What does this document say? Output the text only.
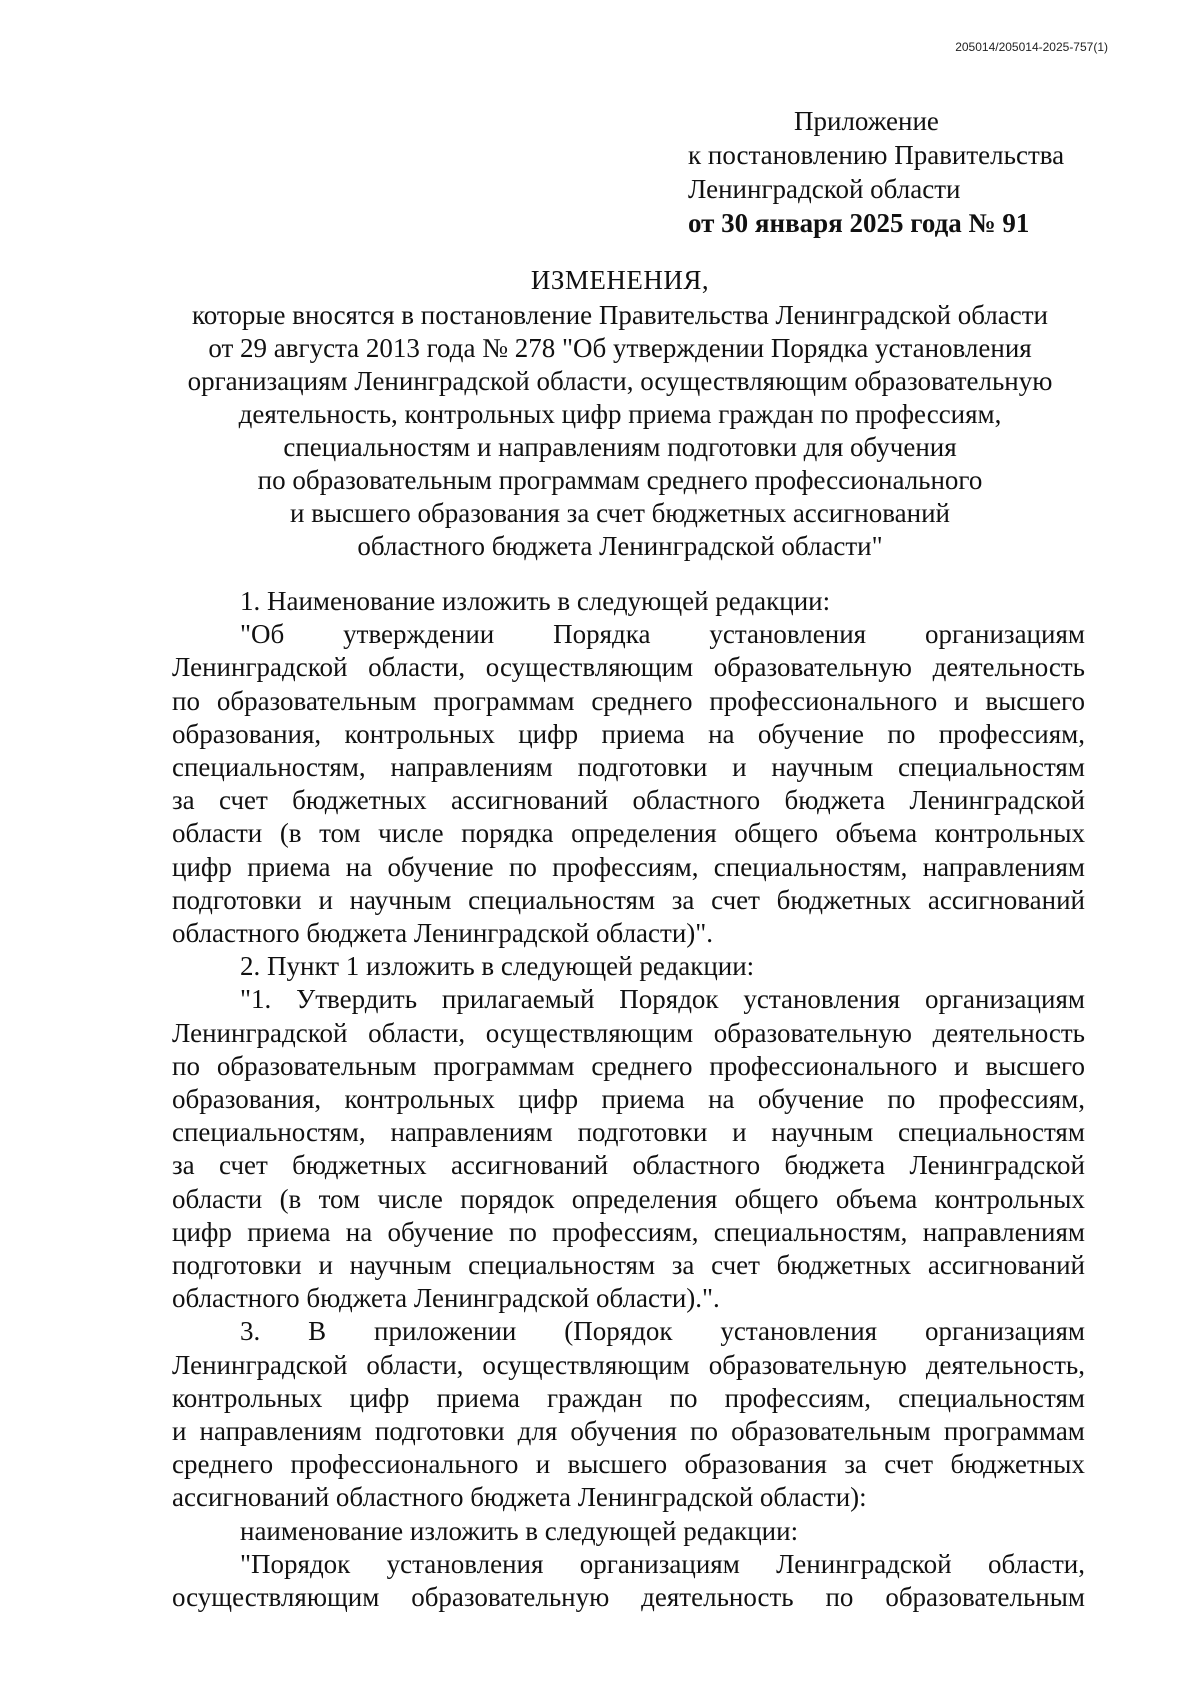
205014/205014-2025-757(1)
Приложение
к постановлению Правительства
Ленинградской области
от 30 января 2025 года № 91
ИЗМЕНЕНИЯ,
которые вносятся в постановление Правительства Ленинградской области
от 29 августа 2013 года № 278 "Об утверждении Порядка установления
организациям Ленинградской области, осуществляющим образовательную
деятельность, контрольных цифр приема граждан по профессиям,
специальностям и направлениям подготовки для обучения
по образовательным программам среднего профессионального
и высшего образования за счет бюджетных ассигнований
областного бюджета Ленинградской области"
1. Наименование изложить в следующей редакции:
"Об утверждении Порядка установления организациям
Ленинградской области, осуществляющим образовательную деятельность
по образовательным программам среднего профессионального и высшего
образования, контрольных цифр приема на обучение по профессиям,
специальностям, направлениям подготовки и научным специальностям
за счет бюджетных ассигнований областного бюджета Ленинградской
области (в том числе порядка определения общего объема контрольных
цифр приема на обучение по профессиям, специальностям, направлениям
подготовки и научным специальностям за счет бюджетных ассигнований
областного бюджета Ленинградской области)".
2. Пункт 1 изложить в следующей редакции:
"1. Утвердить прилагаемый Порядок установления организациям
Ленинградской области, осуществляющим образовательную деятельность
по образовательным программам среднего профессионального и высшего
образования, контрольных цифр приема на обучение по профессиям,
специальностям, направлениям подготовки и научным специальностям
за счет бюджетных ассигнований областного бюджета Ленинградской
области (в том числе порядок определения общего объема контрольных
цифр приема на обучение по профессиям, специальностям, направлениям
подготовки и научным специальностям за счет бюджетных ассигнований
областного бюджета Ленинградской области).".
3. В приложении (Порядок установления организациям
Ленинградской области, осуществляющим образовательную деятельность,
контрольных цифр приема граждан по профессиям, специальностям
и направлениям подготовки для обучения по образовательным программам
среднего профессионального и высшего образования за счет бюджетных
ассигнований областного бюджета Ленинградской области):
наименование изложить в следующей редакции:
"Порядок установления организациям Ленинградской области,
осуществляющим образовательную деятельность по образовательным
